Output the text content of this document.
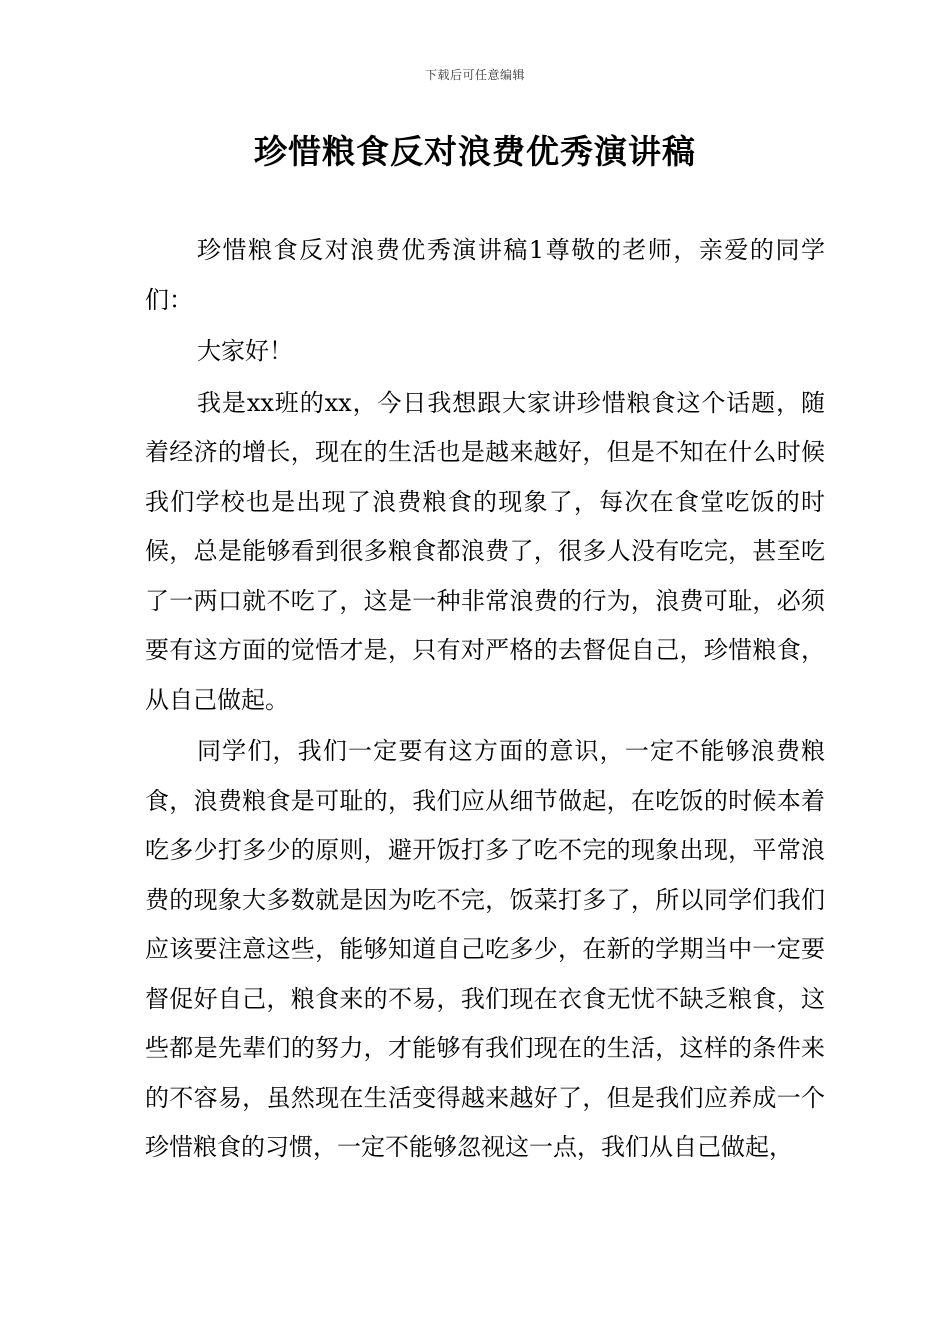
下载后可任意编辑
珍惜粮食反对浪费优秀演讲稿

珍惜粮食反对浪费优秀演讲稿1尊敬的老师，亲爱的同学们：

大家好！

我是xx班的xx，今日我想跟大家讲珍惜粮食这个话题，随着经济的增长，现在的生活也是越来越好，但是不知在什么时候我们学校也是出现了浪费粮食的现象了，每次在食堂吃饭的时候，总是能够看到很多粮食都浪费了，很多人没有吃完，甚至吃了一两口就不吃了，这是一种非常浪费的行为，浪费可耻，必须要有这方面的觉悟才是，只有对严格的去督促自己，珍惜粮食，从自己做起。

同学们，我们一定要有这方面的意识，一定不能够浪费粮食，浪费粮食是可耻的，我们应从细节做起，在吃饭的时候本着吃多少打多少的原则，避开饭打多了吃不完的现象出现，平常浪费的现象大多数就是因为吃不完，饭菜打多了，所以同学们我们应该要注意这些，能够知道自己吃多少，在新的学期当中一定要督促好自己，粮食来的不易，我们现在衣食无忧不缺乏粮食，这些都是先辈们的努力，才能够有我们现在的生活，这样的条件来的不容易，虽然现在生活变得越来越好了，但是我们应养成一个珍惜粮食的习惯，一定不能够忽视这一点，我们从自己做起，
